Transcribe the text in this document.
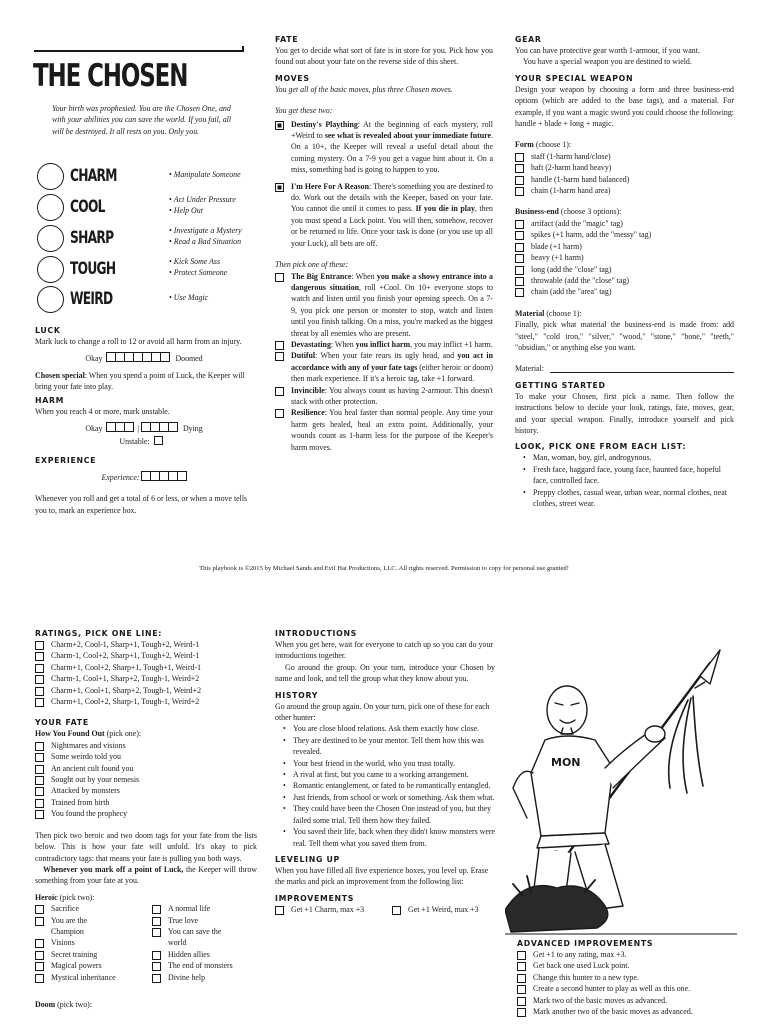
THE CHOSEN
Your birth was prophesied. You are the Chosen One, and with your abilities you can save the world. If you fail, all will be destroyed. It all rests on you. Only you.
CHARM	• Manipulate Someone
COOL	• Act Under Pressure
• Help Out
SHARP	• Investigate a Mystery
• Read a Bad Situation
TOUGH	• Kick Some Ass
• Protect Someone
WEIRD	• Use Magic
LUCK

Mark luck to change a roll to 12 or avoid all harm from an injury.

Okay	Doomed

Chosen special: When you spend a point of Luck, the Keeper will bring your fate into play.

HARM

When you reach 4 or more, mark unstable.

Okay	|	Dying
Unstable:
EXPERIENCE
Experience:

Whenever you roll and get a total of 6 or less, or when a move tells you to, mark an experience box.

FATE

You get to decide what sort of fate is in store for you. Pick how you found out about your fate on the reverse side of this sheet.

MOVES

You get all of the basic moves, plus three Chosen moves.

You get these two:

Destiny's Plaything: At the beginning of each mystery, roll +Weird to see what is revealed about your immediate future. On a 10+, the Keeper will reveal a useful detail about the coming mystery. On a 7-9 you get a vague hint about it. On a miss, something bad is going to happen to you.
I'm Here For A Reason: There's something you are destined to do. Work out the details with the Keeper, based on your fate. You cannot die until it comes to pass. If you die in play, then you must spend a Luck point. You will then, somehow, recover or be returned to life. Once your task is done (or you use up all your Luck), all bets are off.

Then pick one of these:

The Big Entrance: When you make a showy entrance into a dangerous situation, roll +Cool. On 10+ everyone stops to watch and listen until you finish your opening speech. On a 7-9, you pick one person or monster to stop, watch and listen until you finish talking. On a miss, you're marked as the biggest threat by all enemies who are present.
Devastating: When you inflict harm, you may inflict +1 harm.
Dutiful: When your fate rears its ugly head, and you act in accordance with any of your fate tags (either heroic or doom) then mark experience. If it's a heroic tag, take +1 forward.
Invincible: You always count as having 2-armour. This doesn't stack with other protection.
Resilience: You heal faster than normal people. Any time your harm gets healed, heal an extra point. Additionally, your wounds count as 1-harm less for the purpose of the Keeper's harm moves.
GEAR

You can have protective gear worth 1-armour, if you want.

You have a special weapon you are destined to wield.

YOUR SPECIAL WEAPON

Design your weapon by choosing a form and three business-end options (which are added to the base tags), and a material. For example, if you want a magic sword you could choose the following: handle + blade + long + magic.

Form (choose 1):

staff (1-harm hand/close)
haft (2-harm hand heavy)
handle (1-harm hand balanced)
chain (1-harm hand area)

Business-end (choose 3 options):

artifact (add the "magic" tag)
spikes (+1 harm, add the "messy" tag)
blade (+1 harm)
heavy (+1 harm)
long (add the "close" tag)
throwable (add the "close" tag)
chain (add the "area" tag)

Material (choose 1):

Finally, pick what material the business-end is made from: add "steel," "cold iron," "silver," "wood," "stone," "bone," "teeth," "obsidian," or anything else you want.

Material:

GETTING STARTED

To make your Chosen, first pick a name. Then follow the instructions below to decide your look, ratings, fate, moves, gear, and your special weapon. Finally, introduce yourself and pick history.

LOOK, PICK ONE FROM EACH LIST:
• Man, woman, boy, girl, androgynous.
• Fresh face, haggard face, young face, haunted face, hopeful face, controlled face.
• Preppy clothes, casual wear, urban wear, normal clothes, neat clothes, street wear.
This playbook is ©2015 by Michael Sands and Evil Hat Productions, LLC. All rights reserved. Permission to copy for personal use granted!
RATINGS, PICK ONE LINE:
Charm+2, Cool-1, Sharp+1, Tough+2, Weird-1
Charm-1, Cool+2, Sharp+1, Tough+2, Weird-1
Charm+1, Cool+2, Sharp+1, Tough+1, Weird-1
Charm-1, Cool+1, Sharp+2, Tough-1, Weird+2
Charm+1, Cool+1, Sharp+2, Tough-1, Weird+2
Charm+1, Cool+2, Sharp-1, Tough-1, Weird+2
YOUR FATE

How You Found Out (pick one):

Nightmares and visions
Some weirdo told you
An ancient cult found you
Sought out by your nemesis
Attacked by monsters
Trained from birth
You found the prophecy

Then pick two heroic and two doom tags for your fate from the lists below. This is how your fate will unfold. It's okay to pick contradictory tags: that means your fate is pulling you both ways.

Whenever you mark off a point of Luck, the Keeper will throw something from your fate at you.

Heroic (pick two):

Sacrifice
You are the Champion
Visions
Secret training
Magical powers
Mystical inheritance
A normal life
True love
You can save the world
Hidden allies
The end of monsters
Divine help

Doom (pick two):

INTRODUCTIONS

When you get here, wait for everyone to catch up so you can do your introductions together.

Go around the group. On your turn, introduce your Chosen by name and look, and tell the group what they know about you.

HISTORY

Go around the group again. On your turn, pick one of these for each other hunter:

• You are close blood relations. Ask them exactly how close.
• They are destined to be your mentor. Tell them how this was revealed.
• Your best friend in the world, who you trust totally.
• A rival at first, but you came to a working arrangement.
• Romantic entanglement, or fated to be romantically entangled.
• Just friends, from school or work or something. Ask them what.
• They could have been the Chosen One instead of you, but they failed some trial. Tell them how they failed.
• You saved their life, back when they didn't know monsters were real. Tell them what you saved them from.
LEVELING UP

When you have filled all five experience boxes, you level up. Erase the marks and pick an improvement from the following list:

IMPROVEMENTS
Get +1 Charm, max +3	Get +1 Weird, max +3
MON
ADVANCED IMPROVEMENTS
Get +1 to any rating, max +3.
Get back one used Luck point.
Change this hunter to a new type.
Create a second hunter to play as well as this one.
Mark two of the basic moves as advanced.
Mark another two of the basic moves as advanced.
